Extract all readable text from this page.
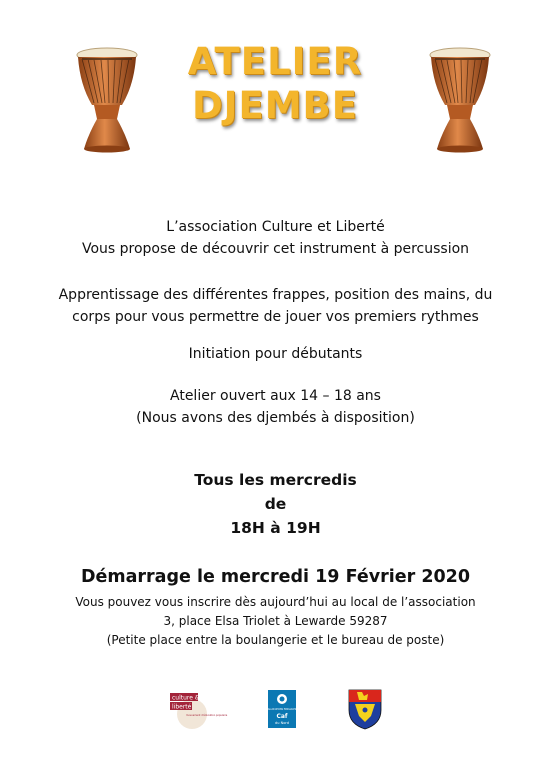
ATELIER
DJEMBE
L’association Culture et Liberté
Vous propose de découvrir cet instrument à percussion
Apprentissage des différentes frappes, position des mains, du
corps pour vous permettre de jouer vos premiers rythmes
Initiation pour débutants
Atelier ouvert aux 14 – 18 ans
(Nous avons des djembés à disposition)
Tous les mercredis
de
18H à 19H
Démarrage le mercredi 19 Février 2020
Vous pouvez vous inscrire dès aujourd’hui au local de l’association
3, place Elsa Triolet à Lewarde 59287
(Petite place entre la boulangerie et le bureau de poste)
culture &
liberté
mouvement d'éducation populaire
ALLOCATIONS FAMILIALES
Caf
du Nord
